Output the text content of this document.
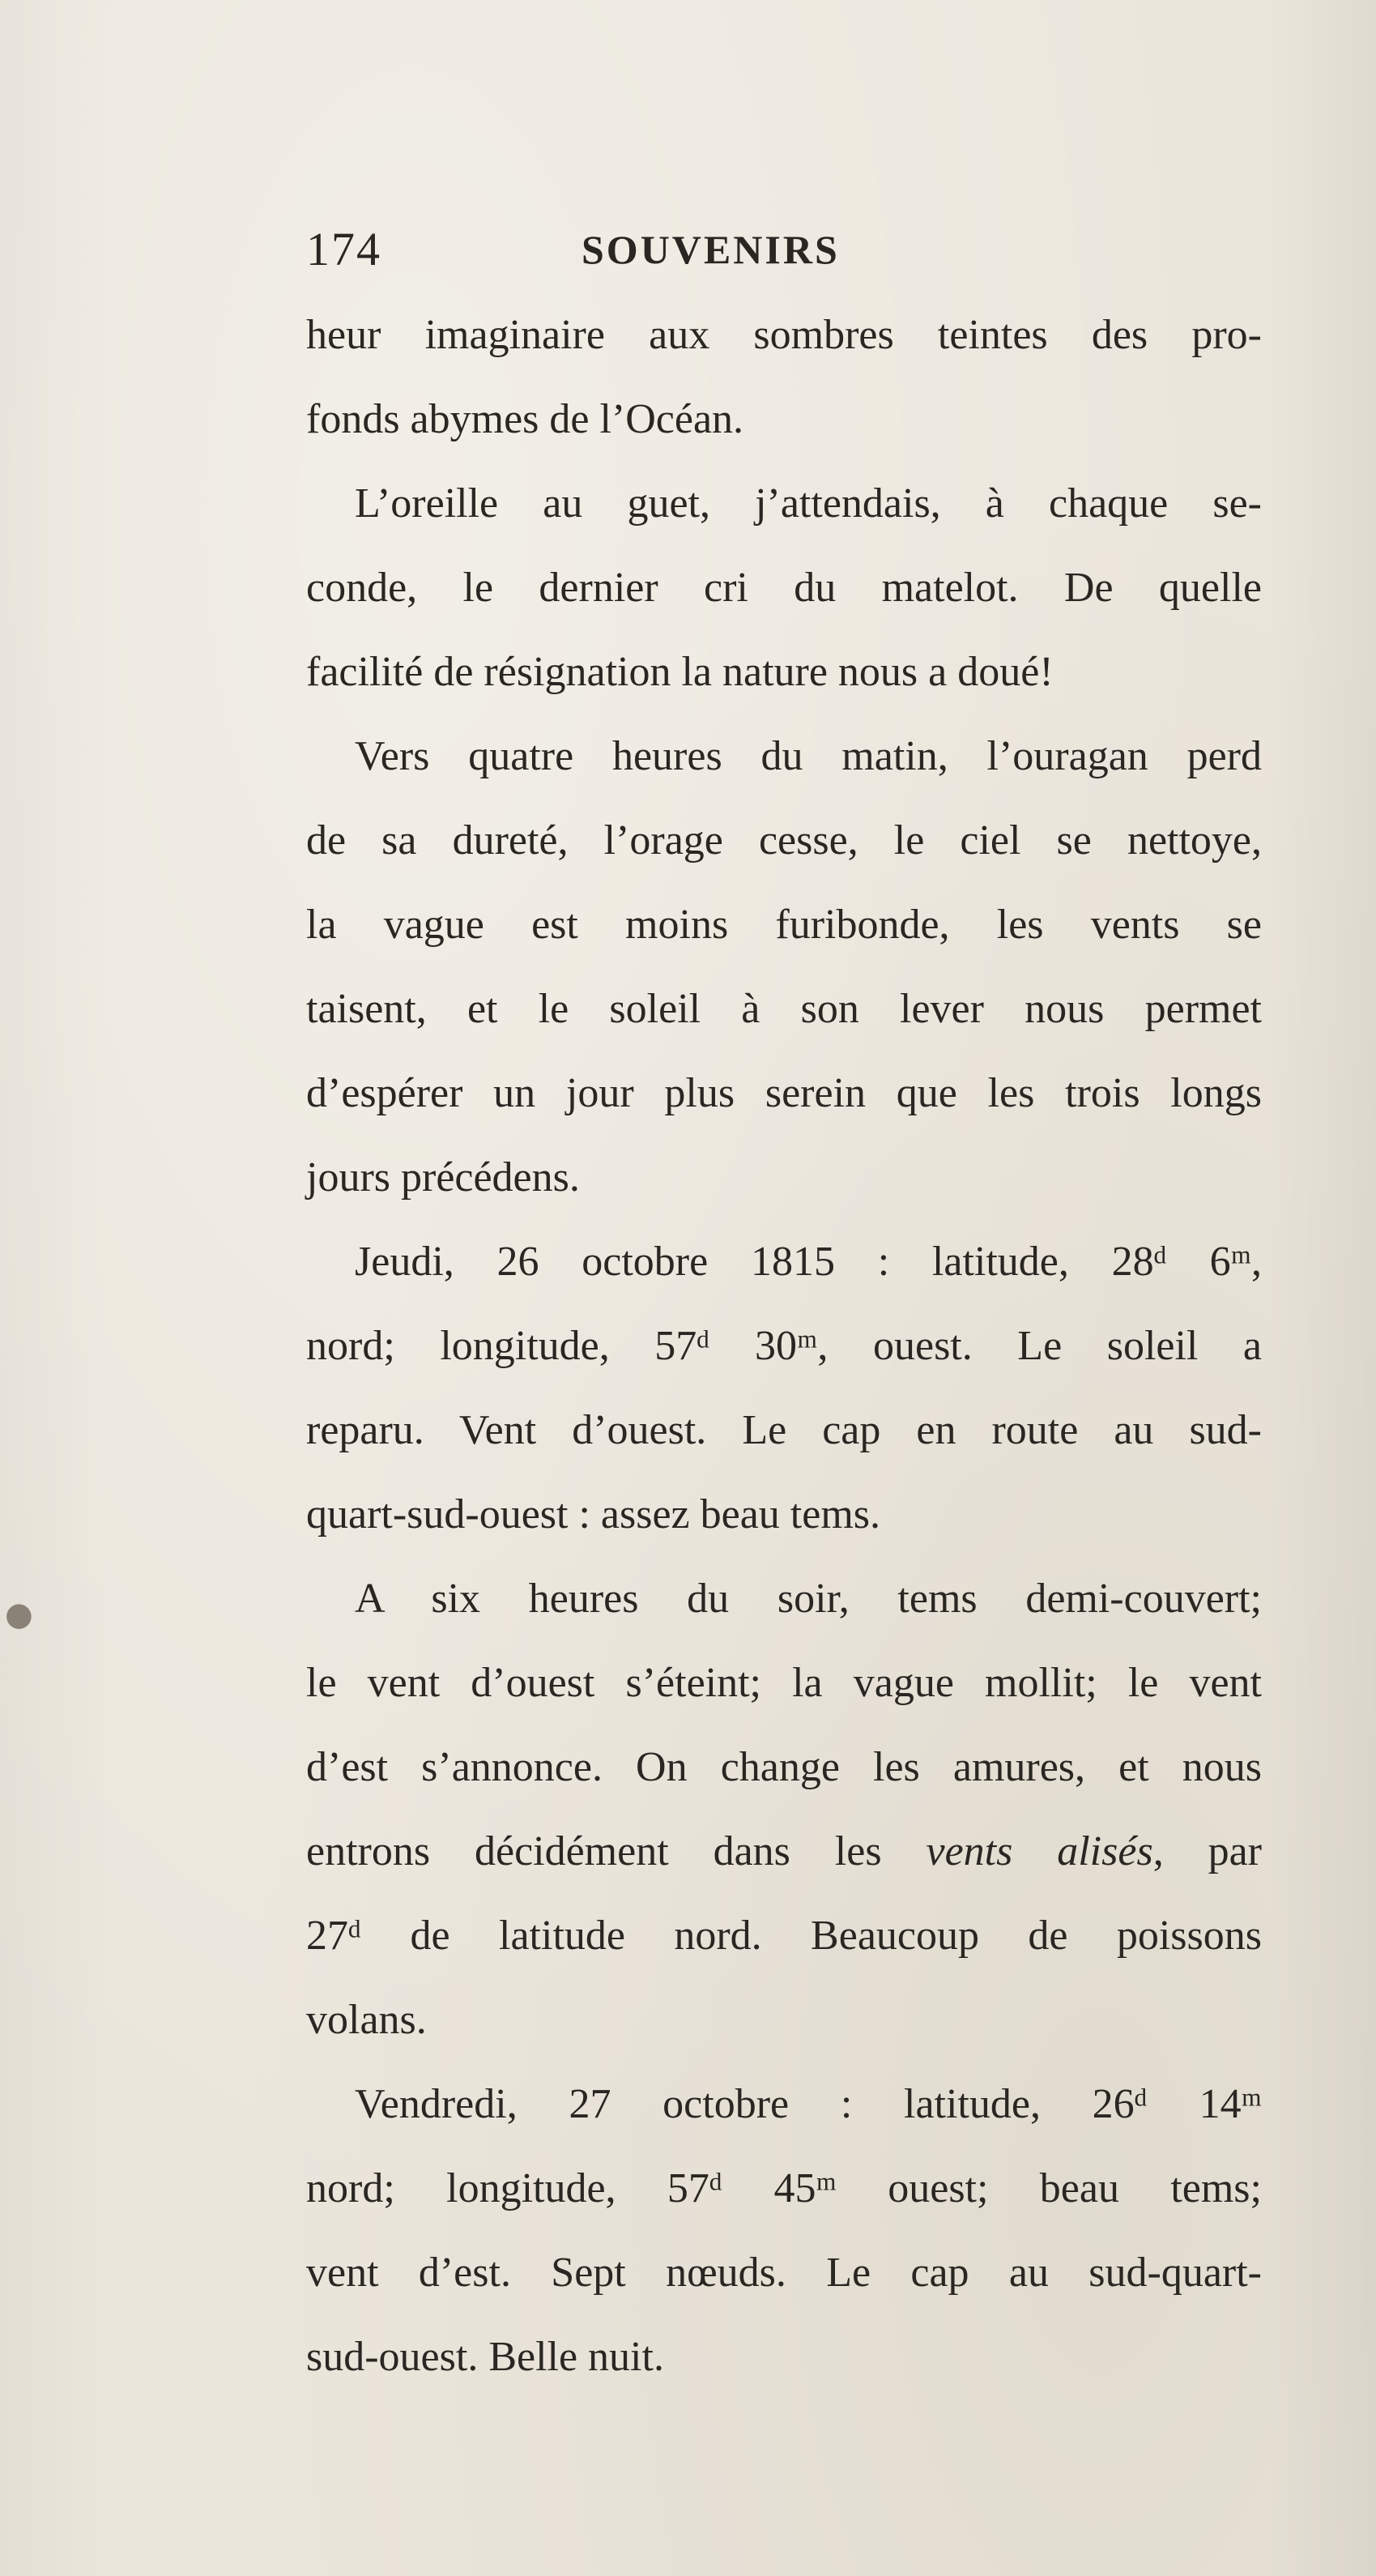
174	SOUVENIRS
heur imaginaire aux sombres teintes des pro-
fonds abymes de l’Océan.
L’oreille au guet, j’attendais, à chaque se-
conde, le dernier cri du matelot. De quelle
facilité de résignation la nature nous a doué!
Vers quatre heures du matin, l’ouragan perd
de sa dureté, l’orage cesse, le ciel se nettoye,
la vague est moins furibonde, les vents se
taisent, et le soleil à son lever nous permet
d’espérer un jour plus serein que les trois longs
jours précédens.
Jeudi, 26 octobre 1815 : latitude, 28ᵈ 6ᵐ,
nord; longitude, 57ᵈ 30ᵐ, ouest. Le soleil a
reparu. Vent d’ouest. Le cap en route au sud-
quart-sud-ouest : assez beau tems.
A six heures du soir, tems demi-couvert;
le vent d’ouest s’éteint; la vague mollit; le vent
d’est s’annonce. On change les amures, et nous
entrons décidément dans les vents alisés, par
27ᵈ de latitude nord. Beaucoup de poissons
volans.
Vendredi, 27 octobre : latitude, 26ᵈ 14ᵐ
nord; longitude, 57ᵈ 45ᵐ ouest; beau tems;
vent d’est. Sept nœuds. Le cap au sud-quart-
sud-ouest. Belle nuit.
●
